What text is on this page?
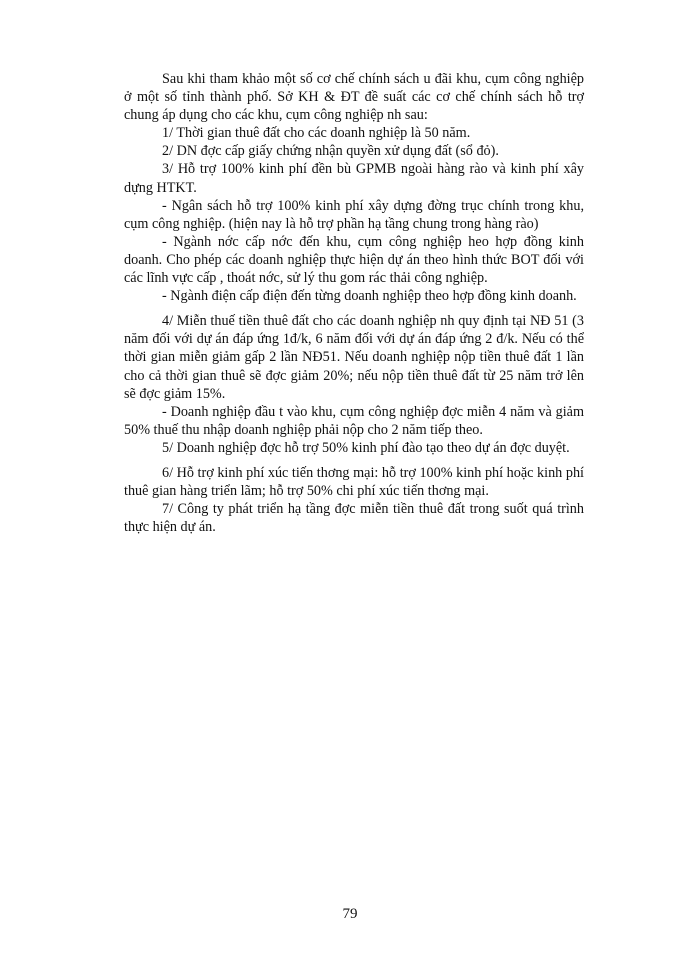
Sau khi tham khảo một số cơ chế chính sách u đãi khu, cụm công nghiệp ở một số tỉnh thành phố. Sở KH & ĐT đề suất các cơ chế chính sách hỗ trợ chung áp dụng cho các khu, cụm công nghiệp nh sau:

1/ Thời gian thuê đất cho các doanh nghiệp là 50 năm.

2/ DN đợc cấp giấy chứng nhận quyền xử dụng đất (sổ đỏ).

3/ Hỗ trợ 100% kinh phí đền bù GPMB ngoài hàng rào và kinh phí xây dựng HTKT.

- Ngân sách hỗ trợ 100% kinh phí xây dựng đờng trục chính trong khu, cụm công nghiệp. (hiện nay là hỗ trợ phần hạ tầng chung trong hàng rào)

- Ngành nớc cấp nớc đến khu, cụm công nghiệp heo hợp đồng kinh doanh. Cho phép các doanh nghiệp thực hiện dự án theo hình thức BOT đối với các lĩnh vực cấp , thoát nớc, sử lý thu gom rác thải công nghiệp.

- Ngành điện cấp điện đến từng doanh nghiệp theo hợp đồng kinh doanh.

4/ Miễn thuế tiền thuê đất cho các doanh nghiệp nh quy định tại NĐ 51 (3 năm đối với dự án đáp ứng 1đ/k, 6 năm đối với dự án đáp ứng 2 đ/k. Nếu có thể thời gian miễn giảm gấp 2 lần NĐ51. Nếu doanh nghiệp nộp tiền thuê đất 1 lần cho cả thời gian thuê sẽ đợc giảm 20%; nếu nộp tiền thuê đất từ 25 năm trở lên sẽ đợc giảm 15%.

- Doanh nghiệp đầu t vào khu, cụm công nghiệp đợc miễn 4 năm và giảm 50% thuế thu nhập doanh nghiệp phải nộp cho 2 năm tiếp theo.

5/ Doanh nghiệp đợc hỗ trợ 50% kinh phí đào tạo theo dự án đợc duyệt.

6/ Hỗ trợ kinh phí xúc tiến thơng mại: hỗ trợ 100% kinh phí hoặc kinh phí thuê gian hàng triển lãm; hỗ trợ 50% chi phí xúc tiến thơng mại.

7/ Công ty phát triển hạ tầng đợc miễn tiền thuê đất trong suốt quá trình thực hiện dự án.

79
